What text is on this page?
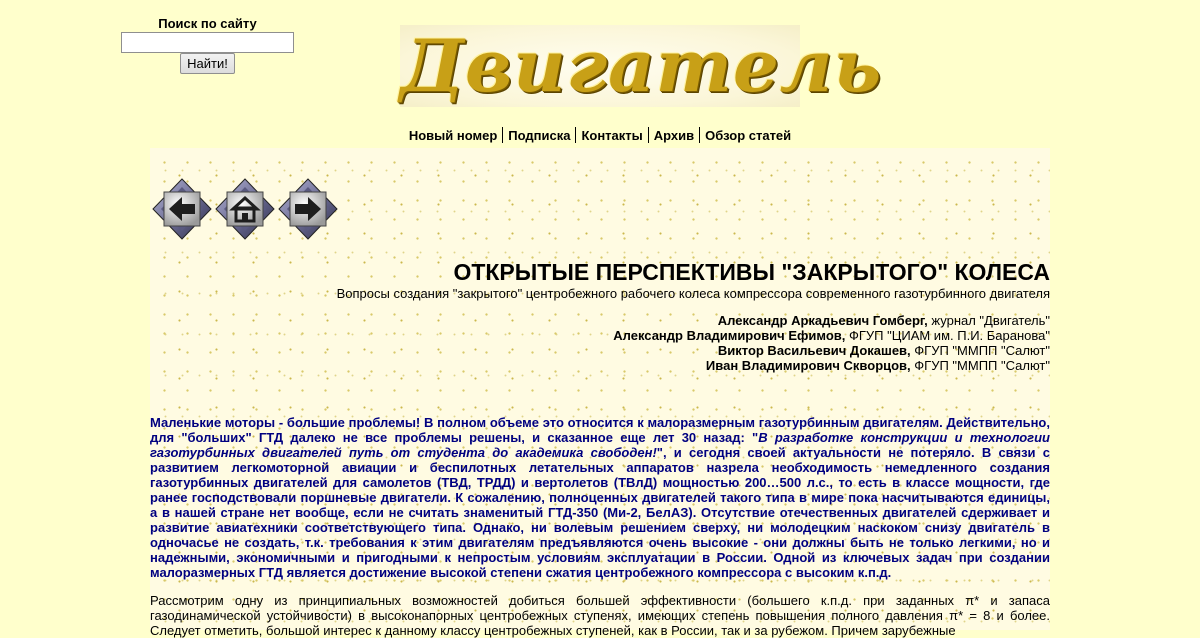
Поиск по сайту
Найти!	Двигатель
Новый номер Подписка Контакты Архив Обзор статей
ОТКРЫТЫЕ ПЕРСПЕКТИВЫ "ЗАКРЫТОГО" КОЛЕСА
Вопросы создания "закрытого" центробежного рабочего колеса компрессора современного газотурбинного двигателя
Александр Аркадьевич Гомберг, журнал "Двигатель"
Александр Владимирович Ефимов, ФГУП "ЦИАМ им. П.И. Баранова"
Виктор Васильевич Докашев, ФГУП "ММПП "Салют"
Иван Владимирович Скворцов, ФГУП "ММПП "Салют"

Маленькие моторы - большие проблемы! В полном объеме это относится к малоразмерным газотурбинным двигателям. Действительно, для "больших" ГТД далеко не все проблемы решены, и сказанное еще лет 30 назад: "В разработке конструкции и технологии газотурбинных двигателей путь от студента до академика свободен!", и сегодня своей актуальности не потеряло. В связи с развитием легкомоторной авиации и беспилотных летательных аппаратов назрела необходимость немедленного создания газотурбинных двигателей для самолетов (ТВД, ТРДД) и вертолетов (ТВлД) мощностью 200…500 л.с., то есть в классе мощности, где ранее господствовали поршневые двигатели. К сожалению, полноценных двигателей такого типа в мире пока насчитываются единицы, а в нашей стране нет вообще, если не считать знаменитый ГТД-350 (Ми-2, БелАЗ). Отсутствие отечественных двигателей сдерживает и развитие авиатехники соответствующего типа. Однако, ни волевым решением сверху, ни молодецким наскоком снизу двигатель в одночасье не создать, т.к. требования к этим двигателям предъявляются очень высокие - они должны быть не только легкими, но и надежными, экономичными и пригодными к непростым условиям эксплуатации в России. Одной из ключевых задач при создании малоразмерных ГТД является достижение высокой степени сжатия центробежного компрессора с высоким к.п.д.

Рассмотрим одну из принципиальных возможностей добиться большей эффективности (большего к.п.д. при заданных π* и запаса газодинамической устойчивости) в высоконапорных центробежных ступенях, имеющих степень повышения полного давления π* = 8 и более. Следует отметить, большой интерес к данному классу центробежных ступеней, как в России, так и за рубежом. Причем зарубежные
